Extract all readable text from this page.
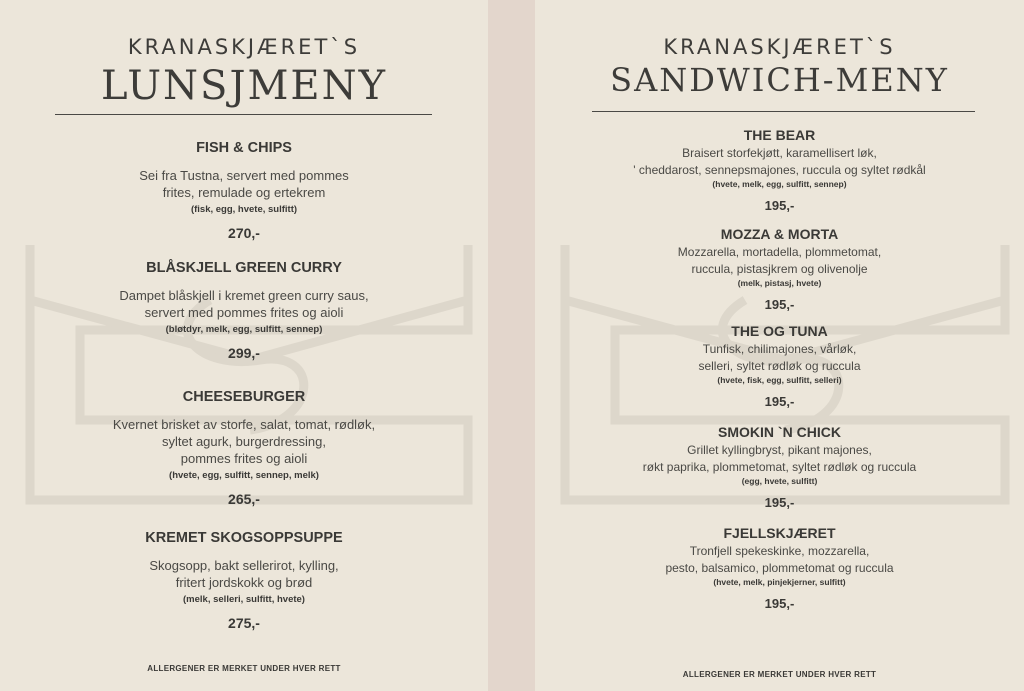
KRANASKJÆRET`S
LUNSJMENY
FISH & CHIPS
Sei fra Tustna, servert med pommes
frites, remulade og ertekrem
(fisk, egg, hvete, sulfitt)
270,-
BLÅSKJELL GREEN CURRY
Dampet blåskjell i kremet green curry saus,
servert med pommes frites og aioli
(bløtdyr, melk, egg, sulfitt, sennep)
299,-
CHEESEBURGER
Kvernet brisket av storfe, salat, tomat, rødløk,
syltet agurk, burgerdressing,
pommes frites og aioli
(hvete, egg, sulfitt, sennep, melk)
265,-
KREMET SKOGSOPPSUPPE
Skogsopp, bakt sellerirot, kylling,
fritert jordskokk og brød
(melk, selleri, sulfitt, hvete)
275,-
ALLERGENER ER MERKET UNDER HVER RETT
KRANASKJÆRET`S
SANDWICH-MENY
THE BEAR
Braisert storfekjøtt, karamellisert løk,
' cheddarost, sennepsmajones, ruccula og syltet rødkål
(hvete, melk, egg, sulfitt, sennep)
195,-
MOZZA & MORTA
Mozzarella, mortadella, plommetomat,
ruccula, pistasjkrem og olivenolje
(melk, pistasj, hvete)
195,-
THE OG TUNA
Tunfisk, chilimajones, vårløk,
selleri, syltet rødløk og ruccula
(hvete, fisk, egg, sulfitt, selleri)
195,-
SMOKIN `N CHICK
Grillet kyllingbryst, pikant majones,
røkt paprika, plommetomat, syltet rødløk og ruccula
(egg, hvete, sulfitt)
195,-
FJELLSKJÆRET
Tronfjell spekeskinke, mozzarella,
pesto, balsamico, plommetomat og ruccula
(hvete, melk, pinjekjerner, sulfitt)
195,-
ALLERGENER ER MERKET UNDER HVER RETT
